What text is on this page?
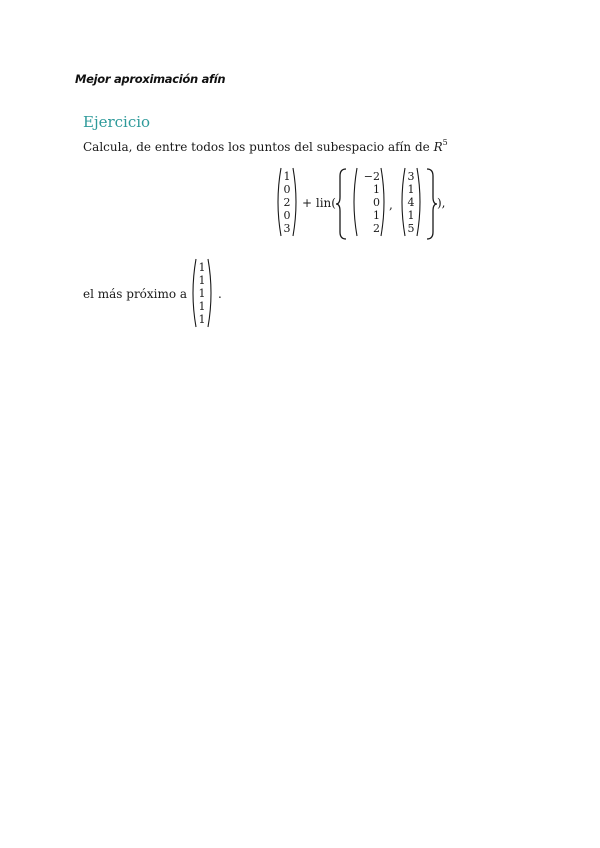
Mejor aproximación afín
Ejercicio
Calcula, de entre todos los puntos del subespacio afín de $R^5$
1
0
2
0
3
+ lin(
−2
1
0
1
2
,
3
1
4
1
5
),
el más próximo a
1
1
1
1
1
.
